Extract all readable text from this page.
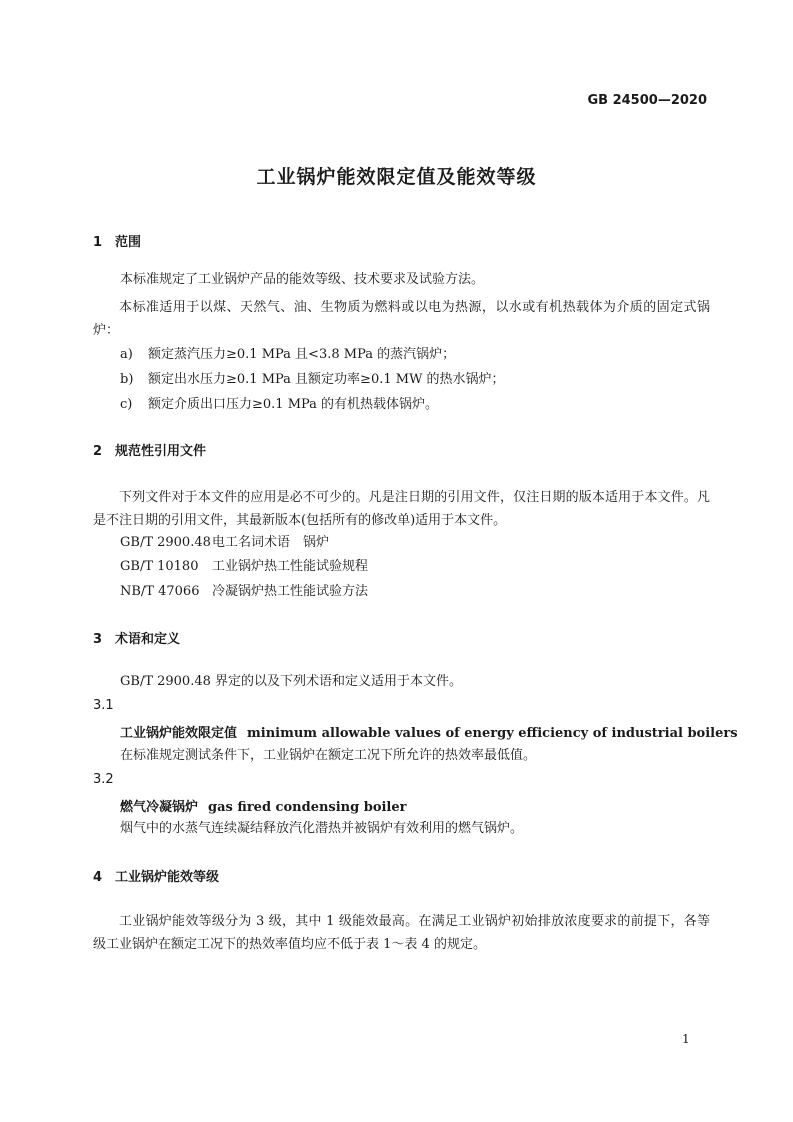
GB 24500—2020
工业锅炉能效限定值及能效等级
1 范围
本标准规定了工业锅炉产品的能效等级、技术要求及试验方法。
本标准适用于以煤、天然气、油、生物质为燃料或以电为热源，以水或有机热载体为介质的固定式锅炉：
a) 额定蒸汽压力≥0.1 MPa 且<3.8 MPa 的蒸汽锅炉；
b) 额定出水压力≥0.1 MPa 且额定功率≥0.1 MW 的热水锅炉；
c) 额定介质出口压力≥0.1 MPa 的有机热载体锅炉。
2 规范性引用文件
下列文件对于本文件的应用是必不可少的。凡是注日期的引用文件，仅注日期的版本适用于本文件。凡是不注日期的引用文件，其最新版本(包括所有的修改单)适用于本文件。
GB/T 2900.48电工名词术语　锅炉
GB/T 10180 工业锅炉热工性能试验规程
NB/T 47066 冷凝锅炉热工性能试验方法
3 术语和定义
GB/T 2900.48 界定的以及下列术语和定义适用于本文件。
3.1
工业锅炉能效限定值 minimum allowable values of energy efficiency of industrial boilers
在标准规定测试条件下，工业锅炉在额定工况下所允许的热效率最低值。
3.2
燃气冷凝锅炉 gas fired condensing boiler
烟气中的水蒸气连续凝结释放汽化潜热并被锅炉有效利用的燃气锅炉。
4 工业锅炉能效等级
工业锅炉能效等级分为 3 级，其中 1 级能效最高。在满足工业锅炉初始排放浓度要求的前提下，各等级工业锅炉在额定工况下的热效率值均应不低于表 1～表 4 的规定。
1
